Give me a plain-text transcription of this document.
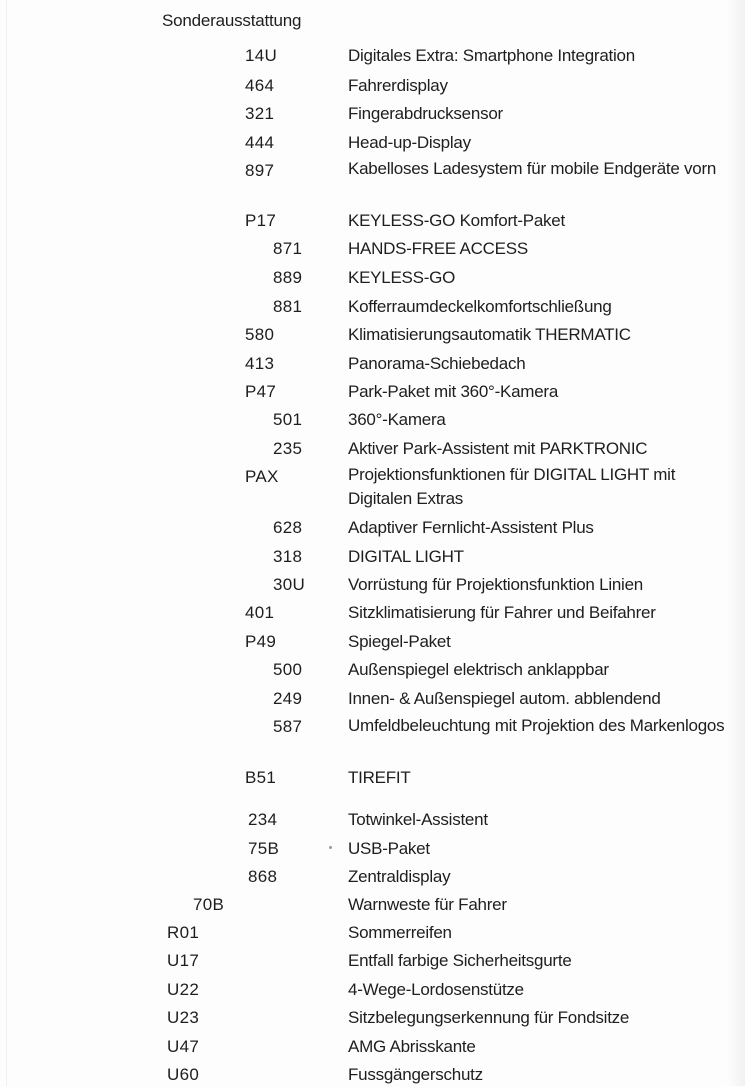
Sonderausstattung
14U	Digitales Extra: Smartphone Integration
464	Fahrerdisplay
321	Fingerabdrucksensor
444	Head-up-Display
897	Kabelloses Ladesystem für mobile Endgeräte vorn
P17	KEYLESS-GO Komfort-Paket
871	HANDS-FREE ACCESS
889	KEYLESS-GO
881	Kofferraumdeckelkomfortschließung
580	Klimatisierungsautomatik THERMATIC
413	Panorama-Schiebedach
P47	Park-Paket mit 360°-Kamera
501	360°-Kamera
235	Aktiver Park-Assistent mit PARKTRONIC
PAX	Projektionsfunktionen für DIGITAL LIGHT mit Digitalen Extras
628	Adaptiver Fernlicht-Assistent Plus
318	DIGITAL LIGHT
30U	Vorrüstung für Projektionsfunktion Linien
401	Sitzklimatisierung für Fahrer und Beifahrer
P49	Spiegel-Paket
500	Außenspiegel elektrisch anklappbar
249	Innen- & Außenspiegel autom. abblendend
587	Umfeldbeleuchtung mit Projektion des Markenlogos
B51	TIREFIT
234	Totwinkel-Assistent
75B	USB-Paket
868	Zentraldisplay
70B	Warnweste für Fahrer
R01	Sommerreifen
U17	Entfall farbige Sicherheitsgurte
U22	4-Wege-Lordosenstütze
U23	Sitzbelegungserkennung für Fondsitze
U47	AMG Abrisskante
U60	Fussgängerschutz
